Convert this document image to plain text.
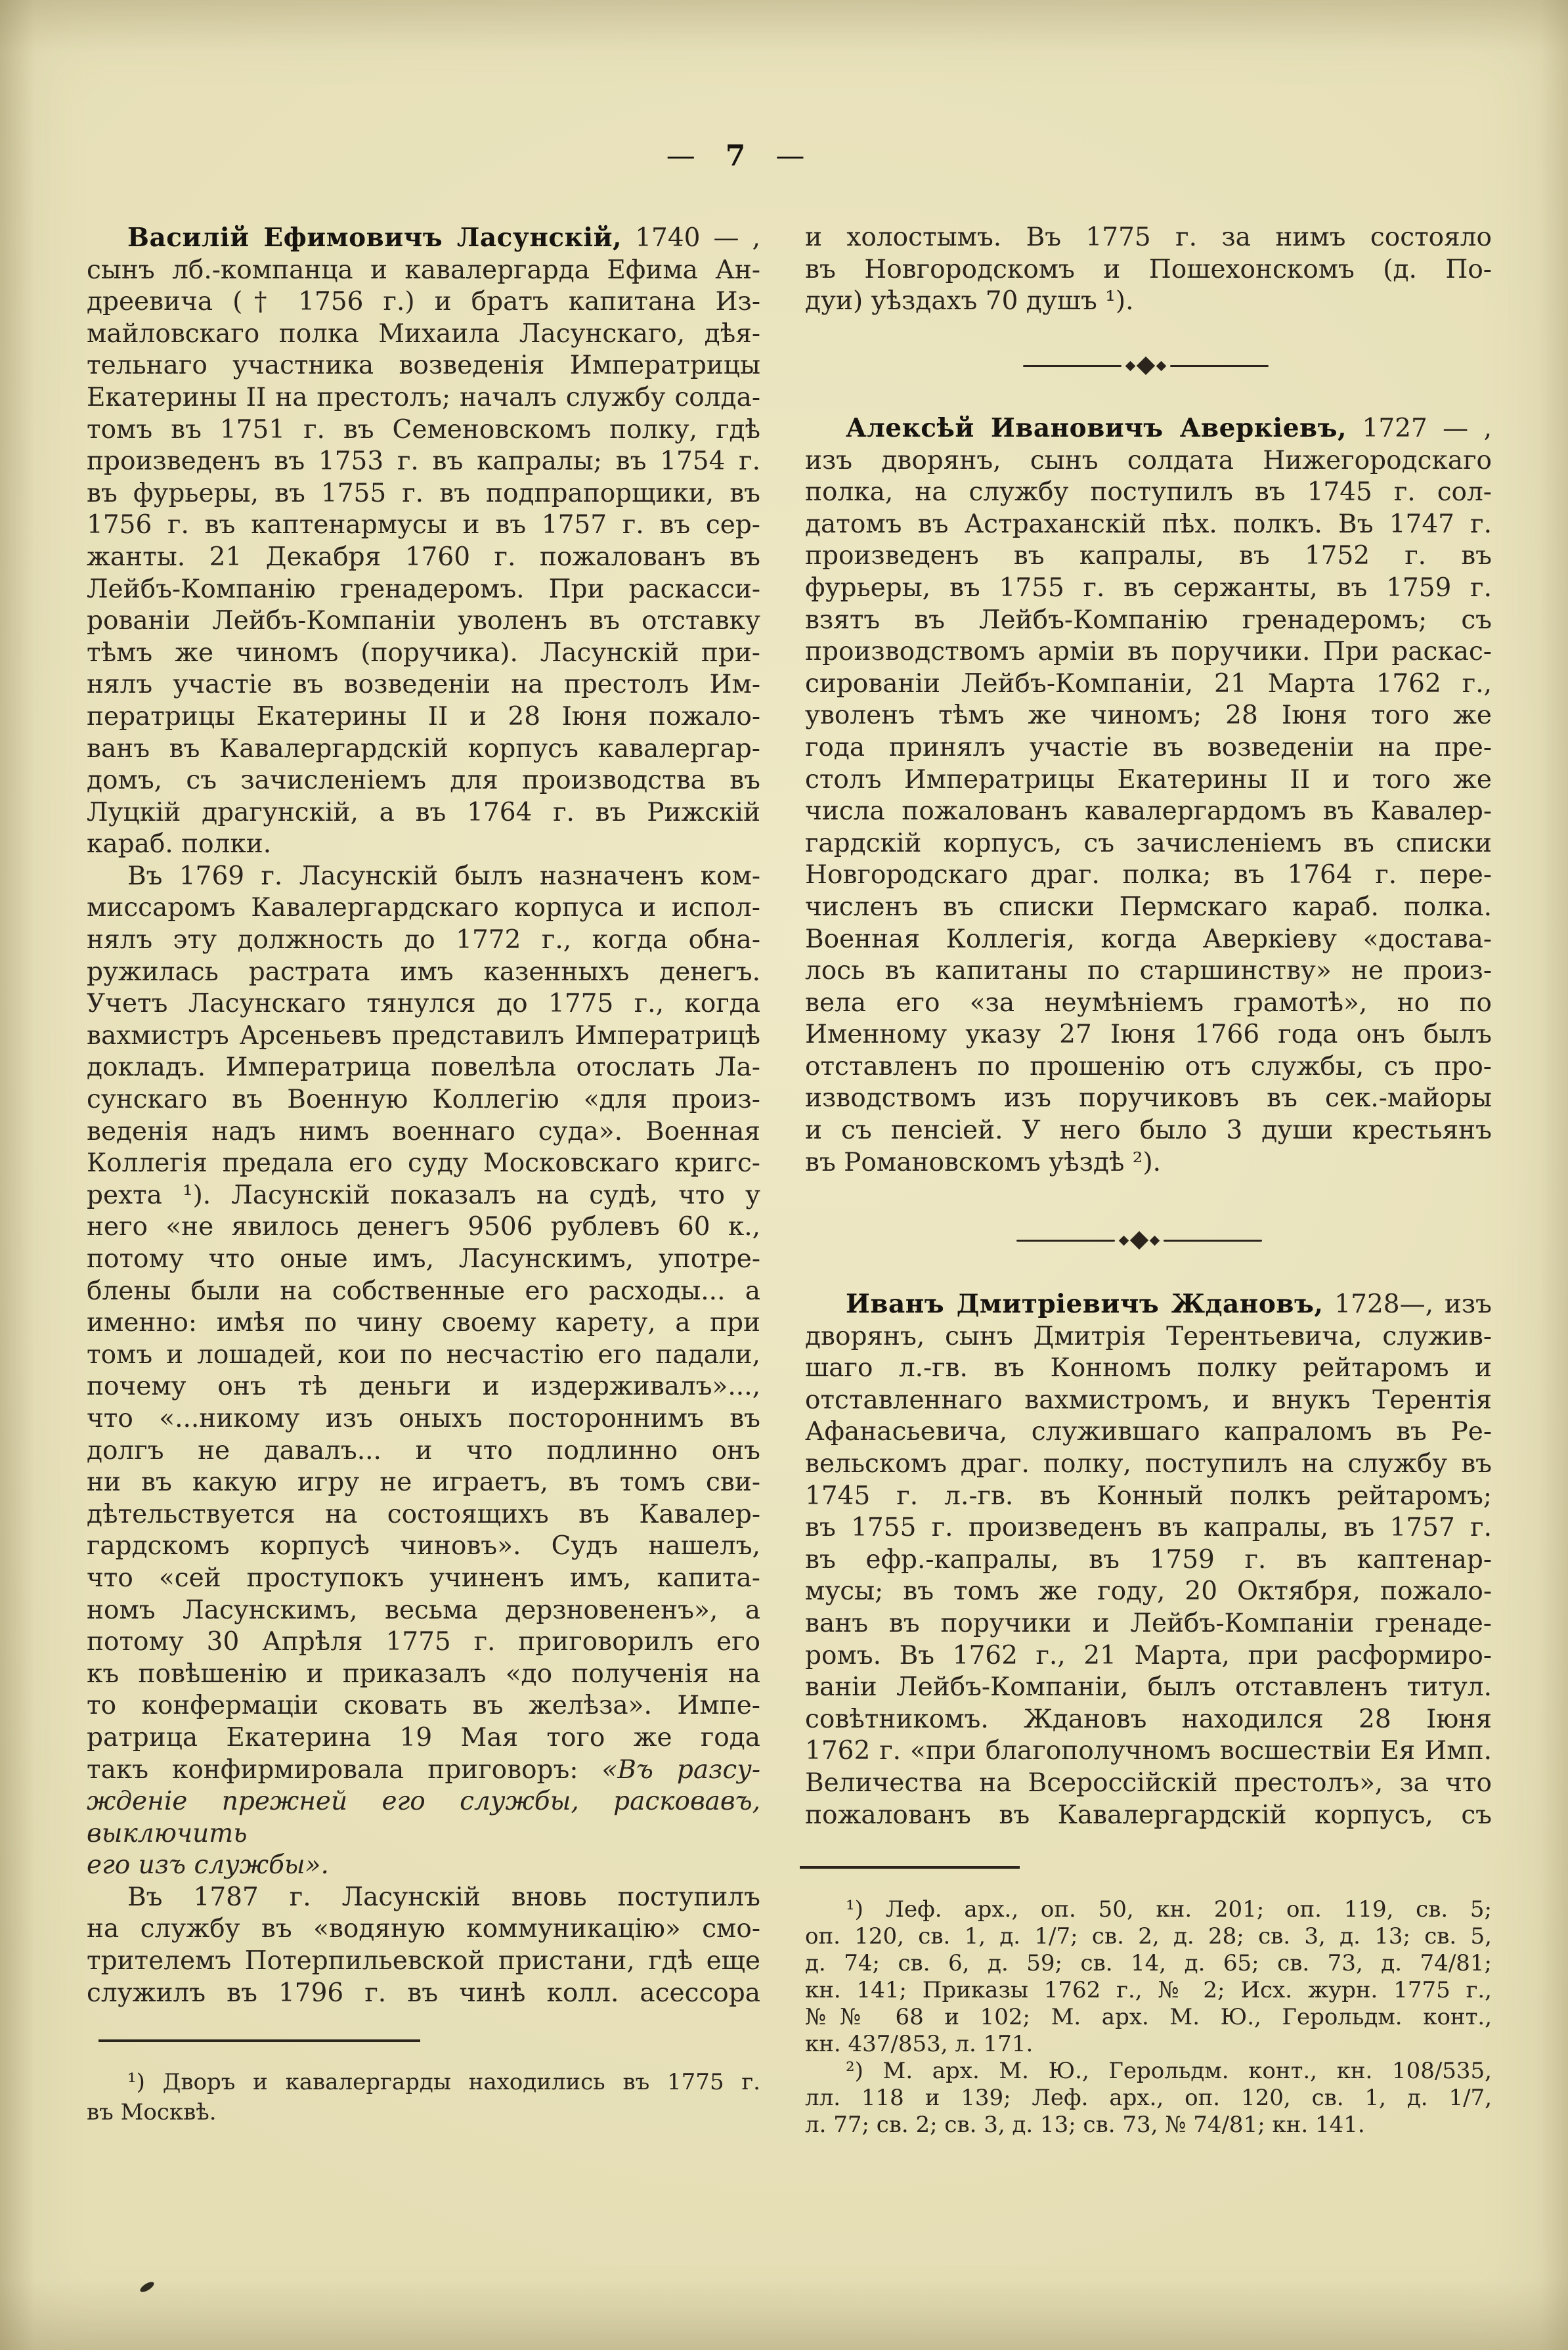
— 7 —
Василій Ефимовичъ Ласунскій, 1740 — ,
сынъ лб.-компанца и кавалергарда Ефима Ан-
дреевича († 1756 г.) и братъ капитана Из-
майловскаго полка Михаила Ласунскаго, дѣя-
тельнаго участника возведенія Императрицы
Екатерины II на престолъ; началъ службу солда-
томъ въ 1751 г. въ Семеновскомъ полку, гдѣ
произведенъ въ 1753 г. въ капралы; въ 1754 г.
въ фурьеры, въ 1755 г. въ подпрапорщики, въ
1756 г. въ каптенармусы и въ 1757 г. въ сер-
жанты. 21 Декабря 1760 г. пожалованъ въ
Лейбъ-Компанію гренадеромъ. При раскасси-
рованіи Лейбъ-Компаніи уволенъ въ отставку
тѣмъ же чиномъ (поручика). Ласунскій при-
нялъ участіе въ возведеніи на престолъ Им-
ператрицы Екатерины II и 28 Іюня пожало-
ванъ въ Кавалергардскій корпусъ кавалергар-
домъ, съ зачисленіемъ для производства въ
Луцкій драгунскій, а въ 1764 г. въ Рижскій
караб. полки.
Въ 1769 г. Ласунскій былъ назначенъ ком-
миссаромъ Кавалергардскаго корпуса и испол-
нялъ эту должность до 1772 г., когда обна-
ружилась растрата имъ казенныхъ денегъ.
Учетъ Ласунскаго тянулся до 1775 г., когда
вахмистръ Арсеньевъ представилъ Императрицѣ
докладъ. Императрица повелѣла отослать Ла-
сунскаго въ Военную Коллегію «для произ-
веденія надъ нимъ военнаго суда». Военная
Коллегія предала его суду Московскаго кригс-
рехта ¹). Ласунскій показалъ на судѣ, что у
него «не явилось денегъ 9506 рублевъ 60 к.,
потому что оные имъ, Ласунскимъ, употре-
блены были на собственные его расходы... а
именно: имѣя по чину своему карету, а при
томъ и лошадей, кои по несчастію его падали,
почему онъ тѣ деньги и издерживалъ»...,
что «...никому изъ оныхъ постороннимъ въ
долгъ не давалъ... и что подлинно онъ
ни въ какую игру не играетъ, въ томъ сви-
дѣтельствуется на состоящихъ въ Кавалер-
гардскомъ корпусѣ чиновъ». Судъ нашелъ,
что «сей проступокъ учиненъ имъ, капита-
номъ Ласунскимъ, весьма дерзновененъ», а
потому 30 Апрѣля 1775 г. приговорилъ его
къ повѣшенію и приказалъ «до полученія на
то конфермаціи сковать въ желѣза». Импе-
ратрица Екатерина 19 Мая того же года
такъ конфирмировала приговоръ: «Въ разсу-
жденіе прежней его службы, расковавъ, выключить
его изъ службы».
Въ 1787 г. Ласунскій вновь поступилъ
на службу въ «водяную коммуникацію» смо-
трителемъ Потерпильевской пристани, гдѣ еще
служилъ въ 1796 г. въ чинѣ колл. асессора
¹) Дворъ и кавалергарды находились въ 1775 г.
въ Москвѣ.
и холостымъ. Въ 1775 г. за нимъ состояло
въ Новгородскомъ и Пошехонскомъ (д. По-
дуи) уѣздахъ 70 душъ ¹).
Алексѣй Ивановичъ Аверкіевъ, 1727 — ,
изъ дворянъ, сынъ солдата Нижегородскаго
полка, на службу поступилъ въ 1745 г. сол-
датомъ въ Астраханскій пѣх. полкъ. Въ 1747 г.
произведенъ въ капралы, въ 1752 г. въ
фурьеры, въ 1755 г. въ сержанты, въ 1759 г.
взятъ въ Лейбъ-Компанію гренадеромъ; съ
производствомъ арміи въ поручики. При раскас-
сированіи Лейбъ-Компаніи, 21 Марта 1762 г.,
уволенъ тѣмъ же чиномъ; 28 Іюня того же
года принялъ участіе въ возведеніи на пре-
столъ Императрицы Екатерины II и того же
числа пожалованъ кавалергардомъ въ Кавалер-
гардскій корпусъ, съ зачисленіемъ въ списки
Новгородскаго драг. полка; въ 1764 г. пере-
численъ въ списки Пермскаго караб. полка.
Военная Коллегія, когда Аверкіеву «достава-
лось въ капитаны по старшинству» не произ-
вела его «за неумѣніемъ грамотѣ», но по
Именному указу 27 Іюня 1766 года онъ былъ
отставленъ по прошенію отъ службы, съ про-
изводствомъ изъ поручиковъ въ сек.-майоры
и съ пенсіей. У него было 3 души крестьянъ
въ Романовскомъ уѣздѣ ²).
Иванъ Дмитріевичъ Ждановъ, 1728—, изъ
дворянъ, сынъ Дмитрія Терентьевича, служив-
шаго л.-гв. въ Конномъ полку рейтаромъ и
отставленнаго вахмистромъ, и внукъ Терентія
Афанасьевича, служившаго капраломъ въ Ре-
вельскомъ драг. полку, поступилъ на службу въ
1745 г. л.-гв. въ Конный полкъ рейтаромъ;
въ 1755 г. произведенъ въ капралы, въ 1757 г.
въ ефр.-капралы, въ 1759 г. въ каптенар-
мусы; въ томъ же году, 20 Октября, пожало-
ванъ въ поручики и Лейбъ-Компаніи гренаде-
ромъ. Въ 1762 г., 21 Марта, при расформиро-
ваніи Лейбъ-Компаніи, былъ отставленъ титул.
совѣтникомъ. Ждановъ находился 28 Іюня
1762 г. «при благополучномъ восшествіи Ея Имп.
Величества на Всероссійскій престолъ», за что
пожалованъ въ Кавалергардскій корпусъ, съ
¹) Леф. арх., оп. 50, кн. 201; оп. 119, св. 5;
оп. 120, св. 1, д. 1/7; св. 2, д. 28; св. 3, д. 13; св. 5,
д. 74; св. 6, д. 59; св. 14, д. 65; св. 73, д. 74/81;
кн. 141; Приказы 1762 г., № 2; Исх. журн. 1775 г.,
№№ 68 и 102; М. арх. М. Ю., Герольдм. конт.,
кн. 437/853, л. 171.
²) М. арх. М. Ю., Герольдм. конт., кн. 108/535,
лл. 118 и 139; Леф. арх., оп. 120, св. 1, д. 1/7,
л. 77; св. 2; св. 3, д. 13; св. 73, № 74/81; кн. 141.
